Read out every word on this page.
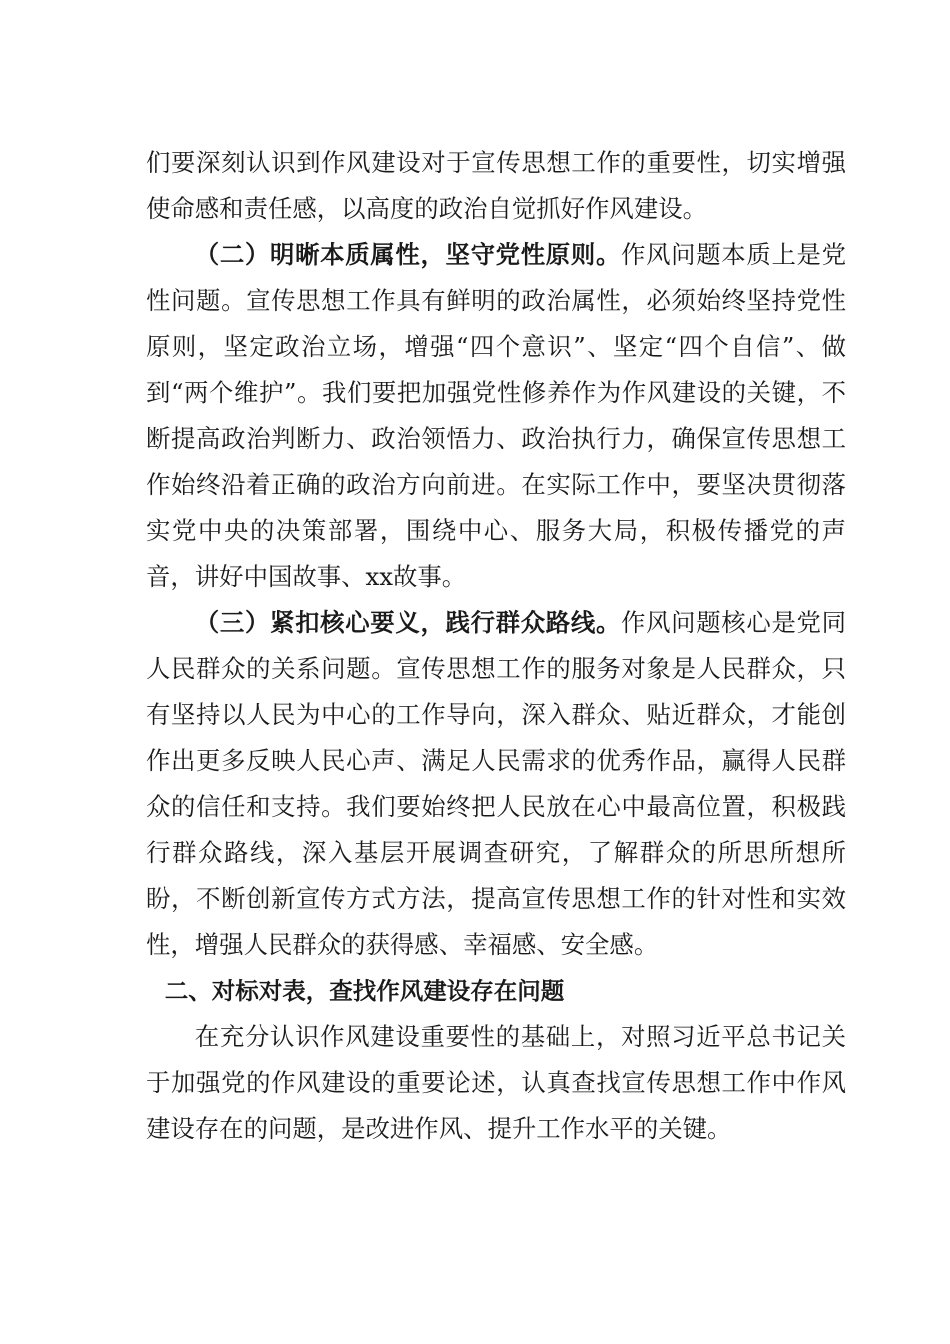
们要深刻认识到作风建设对于宣传思想工作的重要性，切实增强使命感和责任感，以高度的政治自觉抓好作风建设。

（二）明晰本质属性，坚守党性原则。作风问题本质上是党性问题。宣传思想工作具有鲜明的政治属性，必须始终坚持党性原则，坚定政治立场，增强“四个意识”、坚定“四个自信”、做到“两个维护”。我们要把加强党性修养作为作风建设的关键，不断提高政治判断力、政治领悟力、政治执行力，确保宣传思想工作始终沿着正确的政治方向前进。在实际工作中，要坚决贯彻落实党中央的决策部署，围绕中心、服务大局，积极传播党的声音，讲好中国故事、xx故事。

（三）紧扣核心要义，践行群众路线。作风问题核心是党同人民群众的关系问题。宣传思想工作的服务对象是人民群众，只有坚持以人民为中心的工作导向，深入群众、贴近群众，才能创作出更多反映人民心声、满足人民需求的优秀作品，赢得人民群众的信任和支持。我们要始终把人民放在心中最高位置，积极践行群众路线，深入基层开展调查研究，了解群众的所思所想所盼，不断创新宣传方式方法，提高宣传思想工作的针对性和实效性，增强人民群众的获得感、幸福感、安全感。

二、对标对表，查找作风建设存在问题

在充分认识作风建设重要性的基础上，对照习近平总书记关于加强党的作风建设的重要论述，认真查找宣传思想工作中作风建设存在的问题，是改进作风、提升工作水平的关键。
